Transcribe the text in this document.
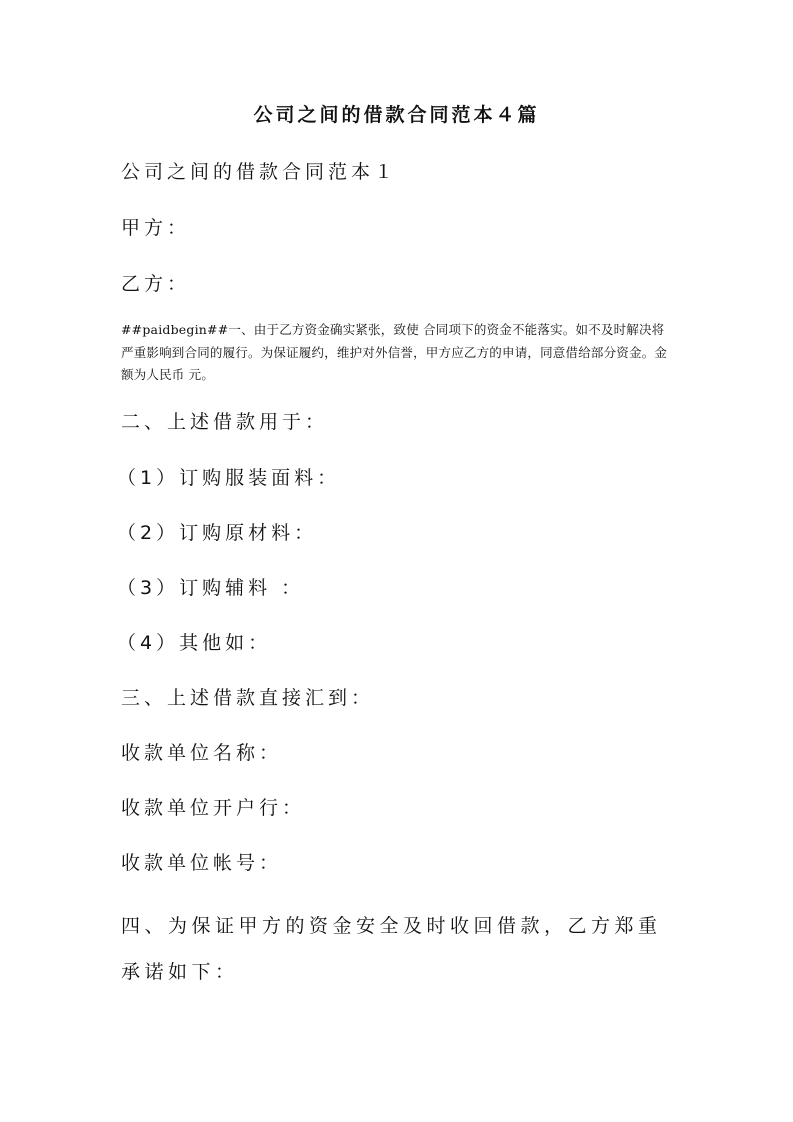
公司之间的借款合同范本４篇

公司之间的借款合同范本１

甲方：

乙方：

##paidbegin##一、由于乙方资金确实紧张，致使 合同项下的资金不能落实。如不及时解决将严重影响到合同的履行。为保证履约，维护对外信誉，甲方应乙方的申请，同意借给部分资金。金额为人民币 元。

二、上述借款用于：

（1）订购服装面料：

（2）订购原材料：

（3）订购辅料 ：

（4）其他如：

三、上述借款直接汇到：

收款单位名称：

收款单位开户行：

收款单位帐号：

四、为保证甲方的资金安全及时收回借款，乙方郑重承诺如下：
